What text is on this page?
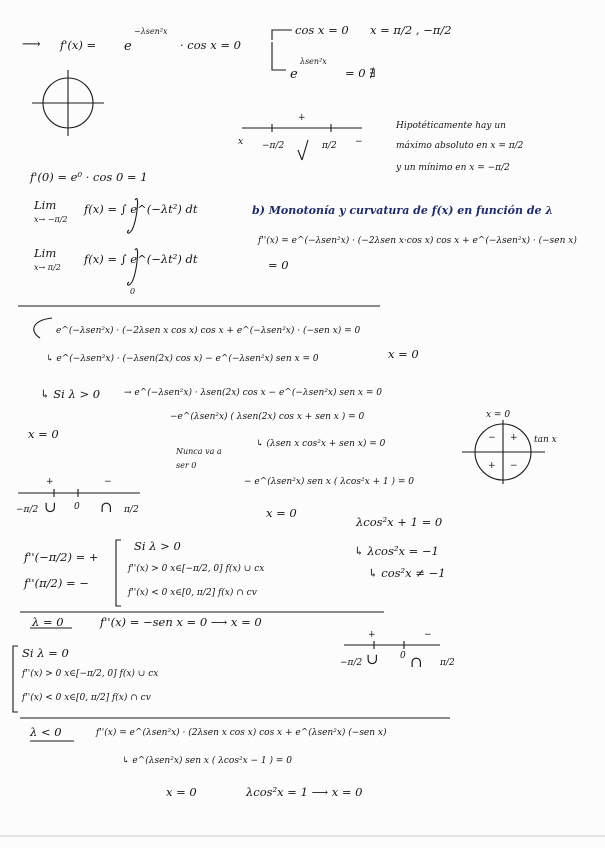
⟶ f'(x) = e
−λsen²x
· cos x = 0
cos x = 0 x = π/2 , −π/2
e
λsen²x
= 0 ∄
+
x −π/2	π/2 −
Hipotéticamente hay un
máximo absoluto en x = π/2
y un mínimo en x = −π/2
f'(0) = e⁰ · cos 0 = 1
Lim
x→ −π/2
f(x) = ∫ e^(−λt²) dt
Lim
x→ π/2
f(x) = ∫ e^(−λt²) dt
0
b) Monotonía y curvatura de f(x) en función de λ
f''(x) = e^(−λsen²x) · (−2λsen x·cos x) cos x + e^(−λsen²x) · (−sen x)
= 0
e^(−λsen²x) · (−2λsen x cos x) cos x + e^(−λsen²x) · (−sen x) = 0
↳ e^(−λsen²x) · (−λsen(2x) cos x) − e^(−λsen²x) sen x = 0	x = 0
↳ Si λ > 0	→ e^(−λsen²x) · λsen(2x) cos x − e^(−λsen²x) sen x = 0
−e^(λsen²x) ( λsen(2x) cos x + sen x ) = 0
x = 0
↳ (λsen x cos²x + sen x) = 0
Nunca va a
ser 0
− e^(λsen²x) sen x ( λcos²x + 1 ) = 0
x = 0
λcos²x + 1 = 0
x = 0
tan x
+
−
+ −
+	−
−π/2 ∪ 0 ∩ π/2
f''(−π/2) = +
f''(π/2) = −
Si λ > 0
f''(x) > 0 x∈[−π/2, 0] f(x) ∪ cx
f''(x) < 0 x∈[0, π/2] f(x) ∩ cv
↳ λcos²x = −1
↳ cos²x ≠ −1
λ = 0	f''(x) = −sen x = 0 ⟶ x = 0
Si λ = 0
f''(x) > 0 x∈[−π/2, 0] f(x) ∪ cx
f''(x) < 0 x∈[0, π/2] f(x) ∩ cv
+	−
−π/2 ∪ 0 ∩ π/2
λ < 0	f''(x) = e^(λsen²x) · (2λsen x cos x) cos x + e^(λsen²x) (−sen x)
↳ e^(λsen²x) sen x ( λcos²x − 1 ) = 0
x = 0	λcos²x = 1 ⟶ x = 0
